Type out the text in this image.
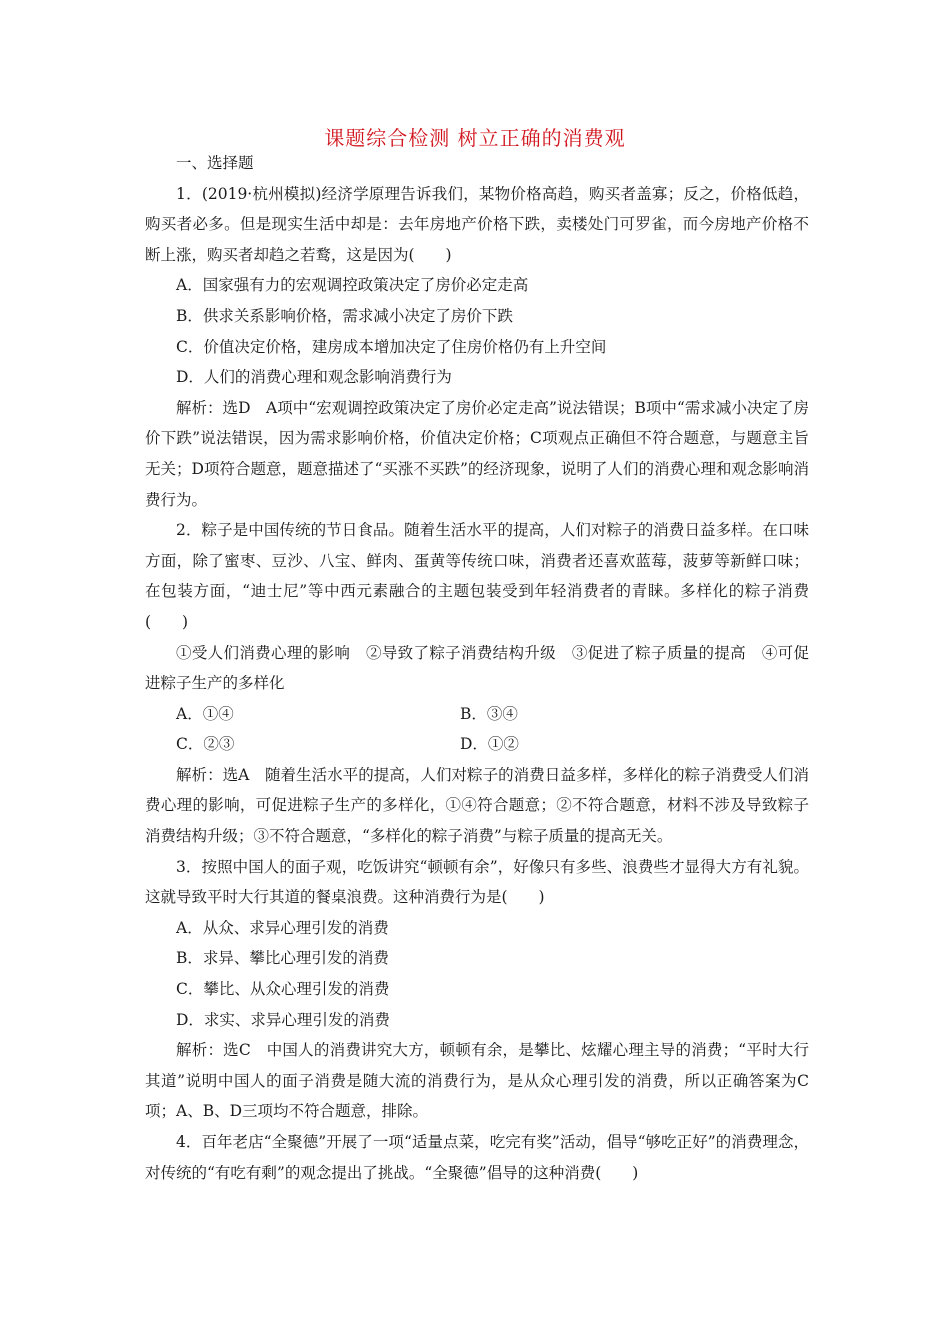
课题综合检测 树立正确的消费观

一、选择题

1．(2019·杭州模拟)经济学原理告诉我们，某物价格高趋，购买者盖寡；反之，价格低趋，购买者必多。但是现实生活中却是：去年房地产价格下跌，卖楼处门可罗雀，而今房地产价格不断上涨，购买者却趋之若鹜，这是因为(　　)

A．国家强有力的宏观调控政策决定了房价必定走高

B．供求关系影响价格，需求减小决定了房价下跌

C．价值决定价格，建房成本增加决定了住房价格仍有上升空间

D．人们的消费心理和观念影响消费行为

解析：选D　A项中“宏观调控政策决定了房价必定走高”说法错误；B项中“需求减小决定了房价下跌”说法错误，因为需求影响价格，价值决定价格；C项观点正确但不符合题意，与题意主旨无关；D项符合题意，题意描述了“买涨不买跌”的经济现象，说明了人们的消费心理和观念影响消费行为。

2．粽子是中国传统的节日食品。随着生活水平的提高，人们对粽子的消费日益多样。在口味方面，除了蜜枣、豆沙、八宝、鲜肉、蛋黄等传统口味，消费者还喜欢蓝莓，菠萝等新鲜口味；在包装方面，“迪士尼”等中西元素融合的主题包装受到年轻消费者的青睐。多样化的粽子消费(　　)

①受人们消费心理的影响　②导致了粽子消费结构升级　③促进了粽子质量的提高　④可促进粽子生产的多样化

A．①④	B．③④
C．②③	D．①②

解析：选A　随着生活水平的提高，人们对粽子的消费日益多样，多样化的粽子消费受人们消费心理的影响，可促进粽子生产的多样化，①④符合题意；②不符合题意，材料不涉及导致粽子消费结构升级；③不符合题意，“多样化的粽子消费”与粽子质量的提高无关。

3．按照中国人的面子观，吃饭讲究“顿顿有余”，好像只有多些、浪费些才显得大方有礼貌。这就导致平时大行其道的餐桌浪费。这种消费行为是(　　)

A．从众、求异心理引发的消费

B．求异、攀比心理引发的消费

C．攀比、从众心理引发的消费

D．求实、求异心理引发的消费

解析：选C　中国人的消费讲究大方，顿顿有余，是攀比、炫耀心理主导的消费；“平时大行其道”说明中国人的面子消费是随大流的消费行为，是从众心理引发的消费，所以正确答案为C项；A、B、D三项均不符合题意，排除。

4．百年老店“全聚德”开展了一项“适量点菜，吃完有奖”活动，倡导“够吃正好”的消费理念，对传统的“有吃有剩”的观念提出了挑战。“全聚德”倡导的这种消费(　　)
